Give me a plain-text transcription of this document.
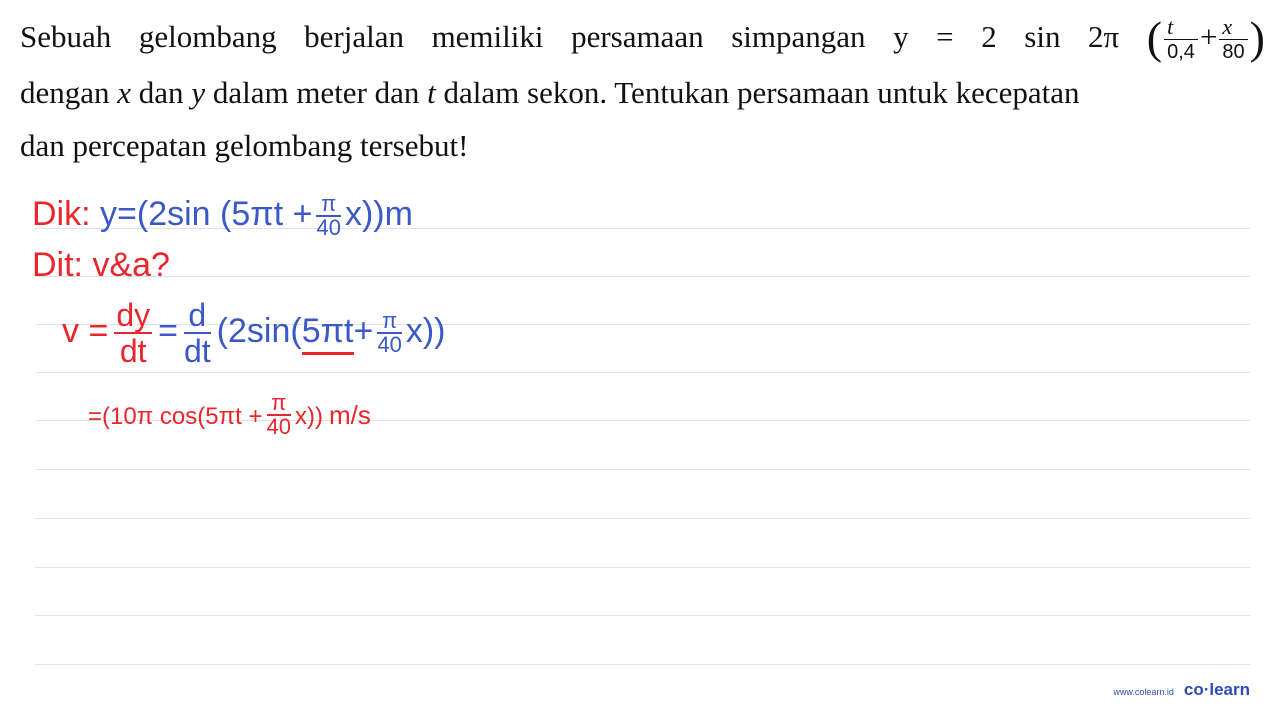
Sebuah gelombang berjalan memiliki persamaan simpangan y = 2 sin 2π ( $\frac{t}{0,4} + \frac{x}{80}$ )
dengan x dan y dalam meter dan t dalam sekon. Tentukan persamaan untuk kecepatan
dan percepatan gelombang tersebut!
Dik: y=(2sin $(5\pi t + \frac{\pi}{40} x))m$
Dit: v&a?
$v = \frac{dy}{dt} = \frac{d}{dt} (2\sin(5\pi t+ \frac{\pi}{40} x))$
=(10π $\cos(5\pi t + \frac{\pi}{40} x)$) m/s
www.colearn.id co·learn
